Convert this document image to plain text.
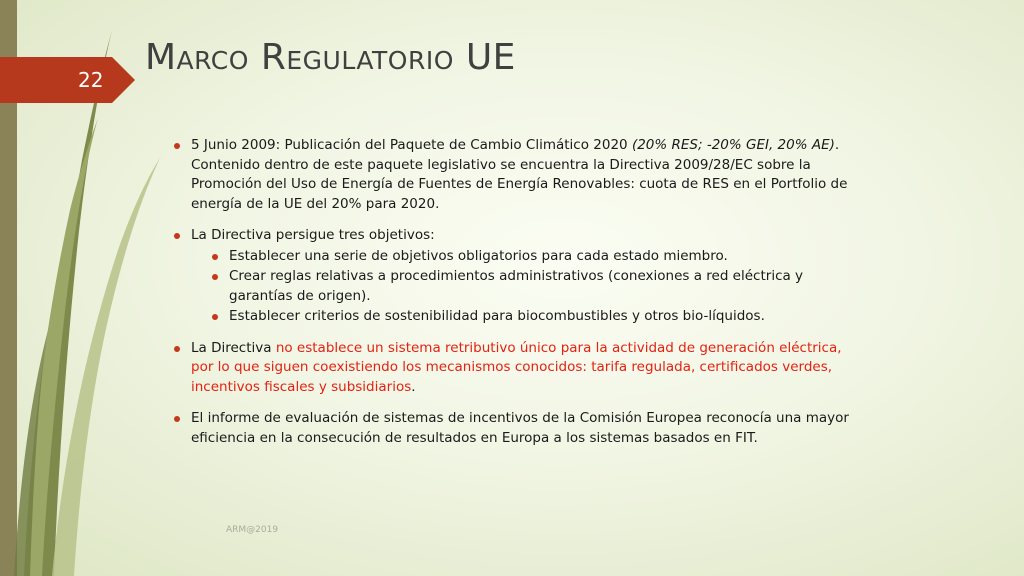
22
Marco Regulatorio UE
5 Junio 2009: Publicación del Paquete de Cambio Climático 2020 (20% RES; -20% GEI, 20% AE). Contenido dentro de este paquete legislativo se encuentra la Directiva 2009/28/EC sobre la Promoción del Uso de Energía de Fuentes de Energía Renovables: cuota de RES en el Portfolio de energía de la UE del 20% para 2020.
La Directiva persigue tres objetivos:
Establecer una serie de objetivos obligatorios para cada estado miembro.
Crear reglas relativas a procedimientos administrativos (conexiones a red eléctrica y garantías de origen).
Establecer criterios de sostenibilidad para biocombustibles y otros bio-líquidos.
La Directiva no establece un sistema retributivo único para la actividad de generación eléctrica, por lo que siguen coexistiendo los mecanismos conocidos: tarifa regulada, certificados verdes, incentivos fiscales y subsidiarios.
El informe de evaluación de sistemas de incentivos de la Comisión Europea reconocía una mayor eficiencia en la consecución de resultados en Europa a los sistemas basados en FIT.
ARM@2019
